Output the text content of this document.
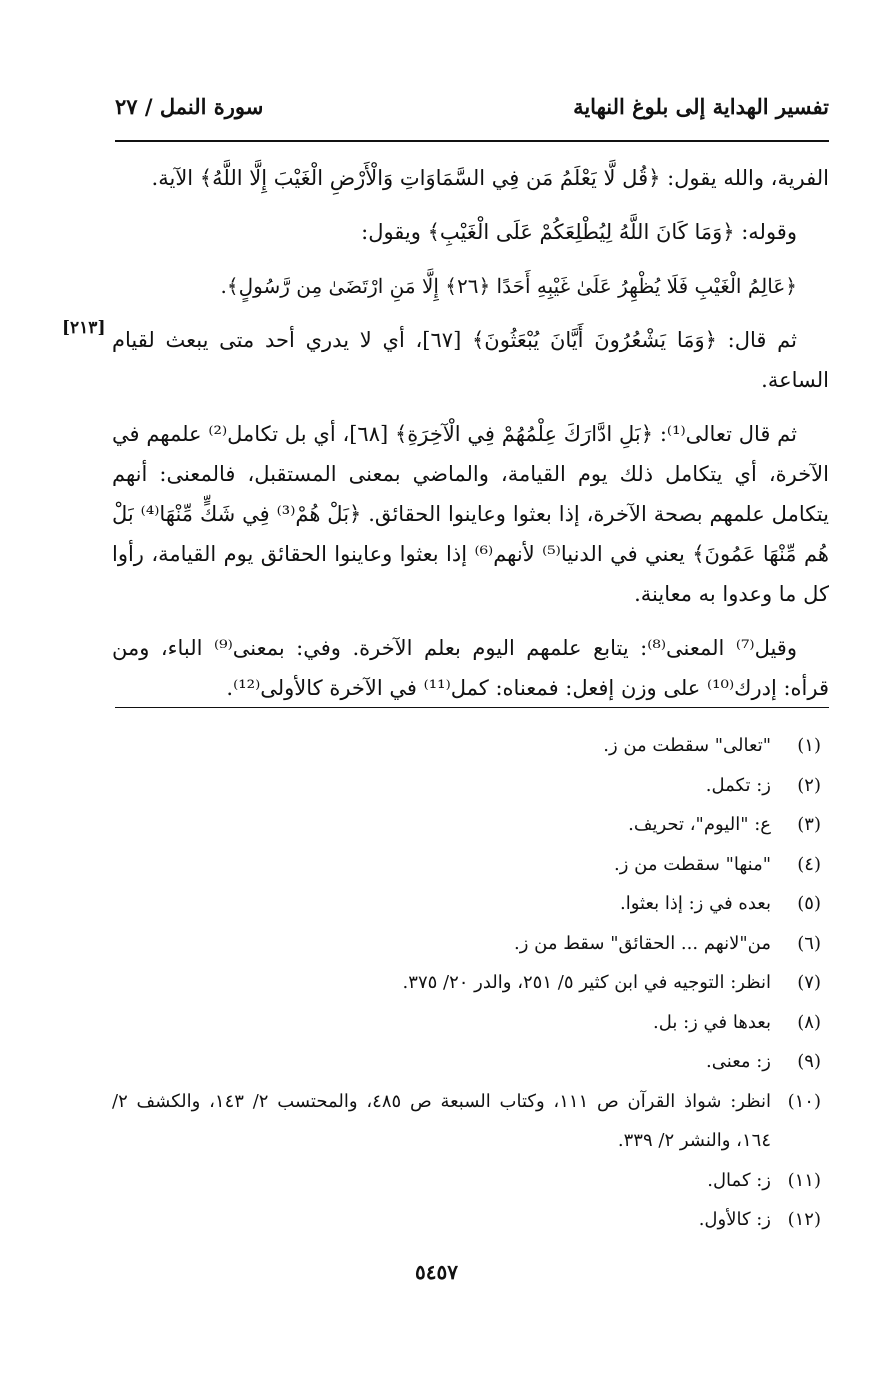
تفسير الهداية إلى بلوغ النهاية
سورة النمل / ٢٧
[٢١٣]

الفرية، والله يقول: ﴿قُل لَّا يَعْلَمُ مَن فِي السَّمَاوَاتِ وَالْأَرْضِ الْغَيْبَ إِلَّا اللَّهُ﴾ الآية.

وقوله: ﴿وَمَا كَانَ اللَّهُ لِيُطْلِعَكُمْ عَلَى الْغَيْبِ﴾ ويقول:

﴿عَالِمُ الْغَيْبِ فَلَا يُظْهِرُ عَلَىٰ غَيْبِهِ أَحَدًا ﴿٢٦﴾ إِلَّا مَنِ ارْتَضَىٰ مِن رَّسُولٍ﴾.

ثم قال: ﴿وَمَا يَشْعُرُونَ أَيَّانَ يُبْعَثُونَ﴾ [٦٧]، أي لا يدري أحد متى يبعث لقيام الساعة.

ثم قال تعالى⁽¹⁾: ﴿بَلِ ادَّارَكَ عِلْمُهُمْ فِي الْآخِرَةِ﴾ [٦٨]، أي بل تكامل⁽²⁾ علمهم في الآخرة، أي يتكامل ذلك يوم القيامة، والماضي بمعنى المستقبل، فالمعنى: أنهم يتكامل علمهم بصحة الآخرة، إذا بعثوا وعاينوا الحقائق. ﴿بَلْ هُمْ⁽³⁾ فِي شَكٍّ مِّنْهَا⁽⁴⁾ بَلْ هُم مِّنْهَا عَمُونَ﴾ يعني في الدنيا⁽⁵⁾ لأنهم⁽⁶⁾ إذا بعثوا وعاينوا الحقائق يوم القيامة، رأوا كل ما وعدوا به معاينة.

وقيل⁽⁷⁾ المعنى⁽⁸⁾: يتابع علمهم اليوم بعلم الآخرة. وفي: بمعنى⁽⁹⁾ الباء، ومن قرأه: إدرك⁽¹⁰⁾ على وزن إفعل: فمعناه: كمل⁽¹¹⁾ في الآخرة كالأولى⁽¹²⁾.

(١)
"تعالى" سقطت من ز.
(٢)
ز: تكمل.
(٣)
ع: "اليوم"، تحريف.
(٤)
"منها" سقطت من ز.
(٥)
بعده في ز: إذا بعثوا.
(٦)
من"لانهم ... الحقائق" سقط من ز.
(٧)
انظر: التوجيه في ابن كثير ٥/ ٢٥١، والدر ٢٠/ ٣٧٥.
(٨)
بعدها في ز: بل.
(٩)
ز: معنى.
(١٠)
انظر: شواذ القرآن ص ١١١، وكتاب السبعة ص ٤٨٥، والمحتسب ٢/ ١٤٣، والكشف ٢/ ١٦٤، والنشر ٢/ ٣٣٩.
(١١)
ز: كمال.
(١٢)
ز: كالأول.
٥٤٥٧
